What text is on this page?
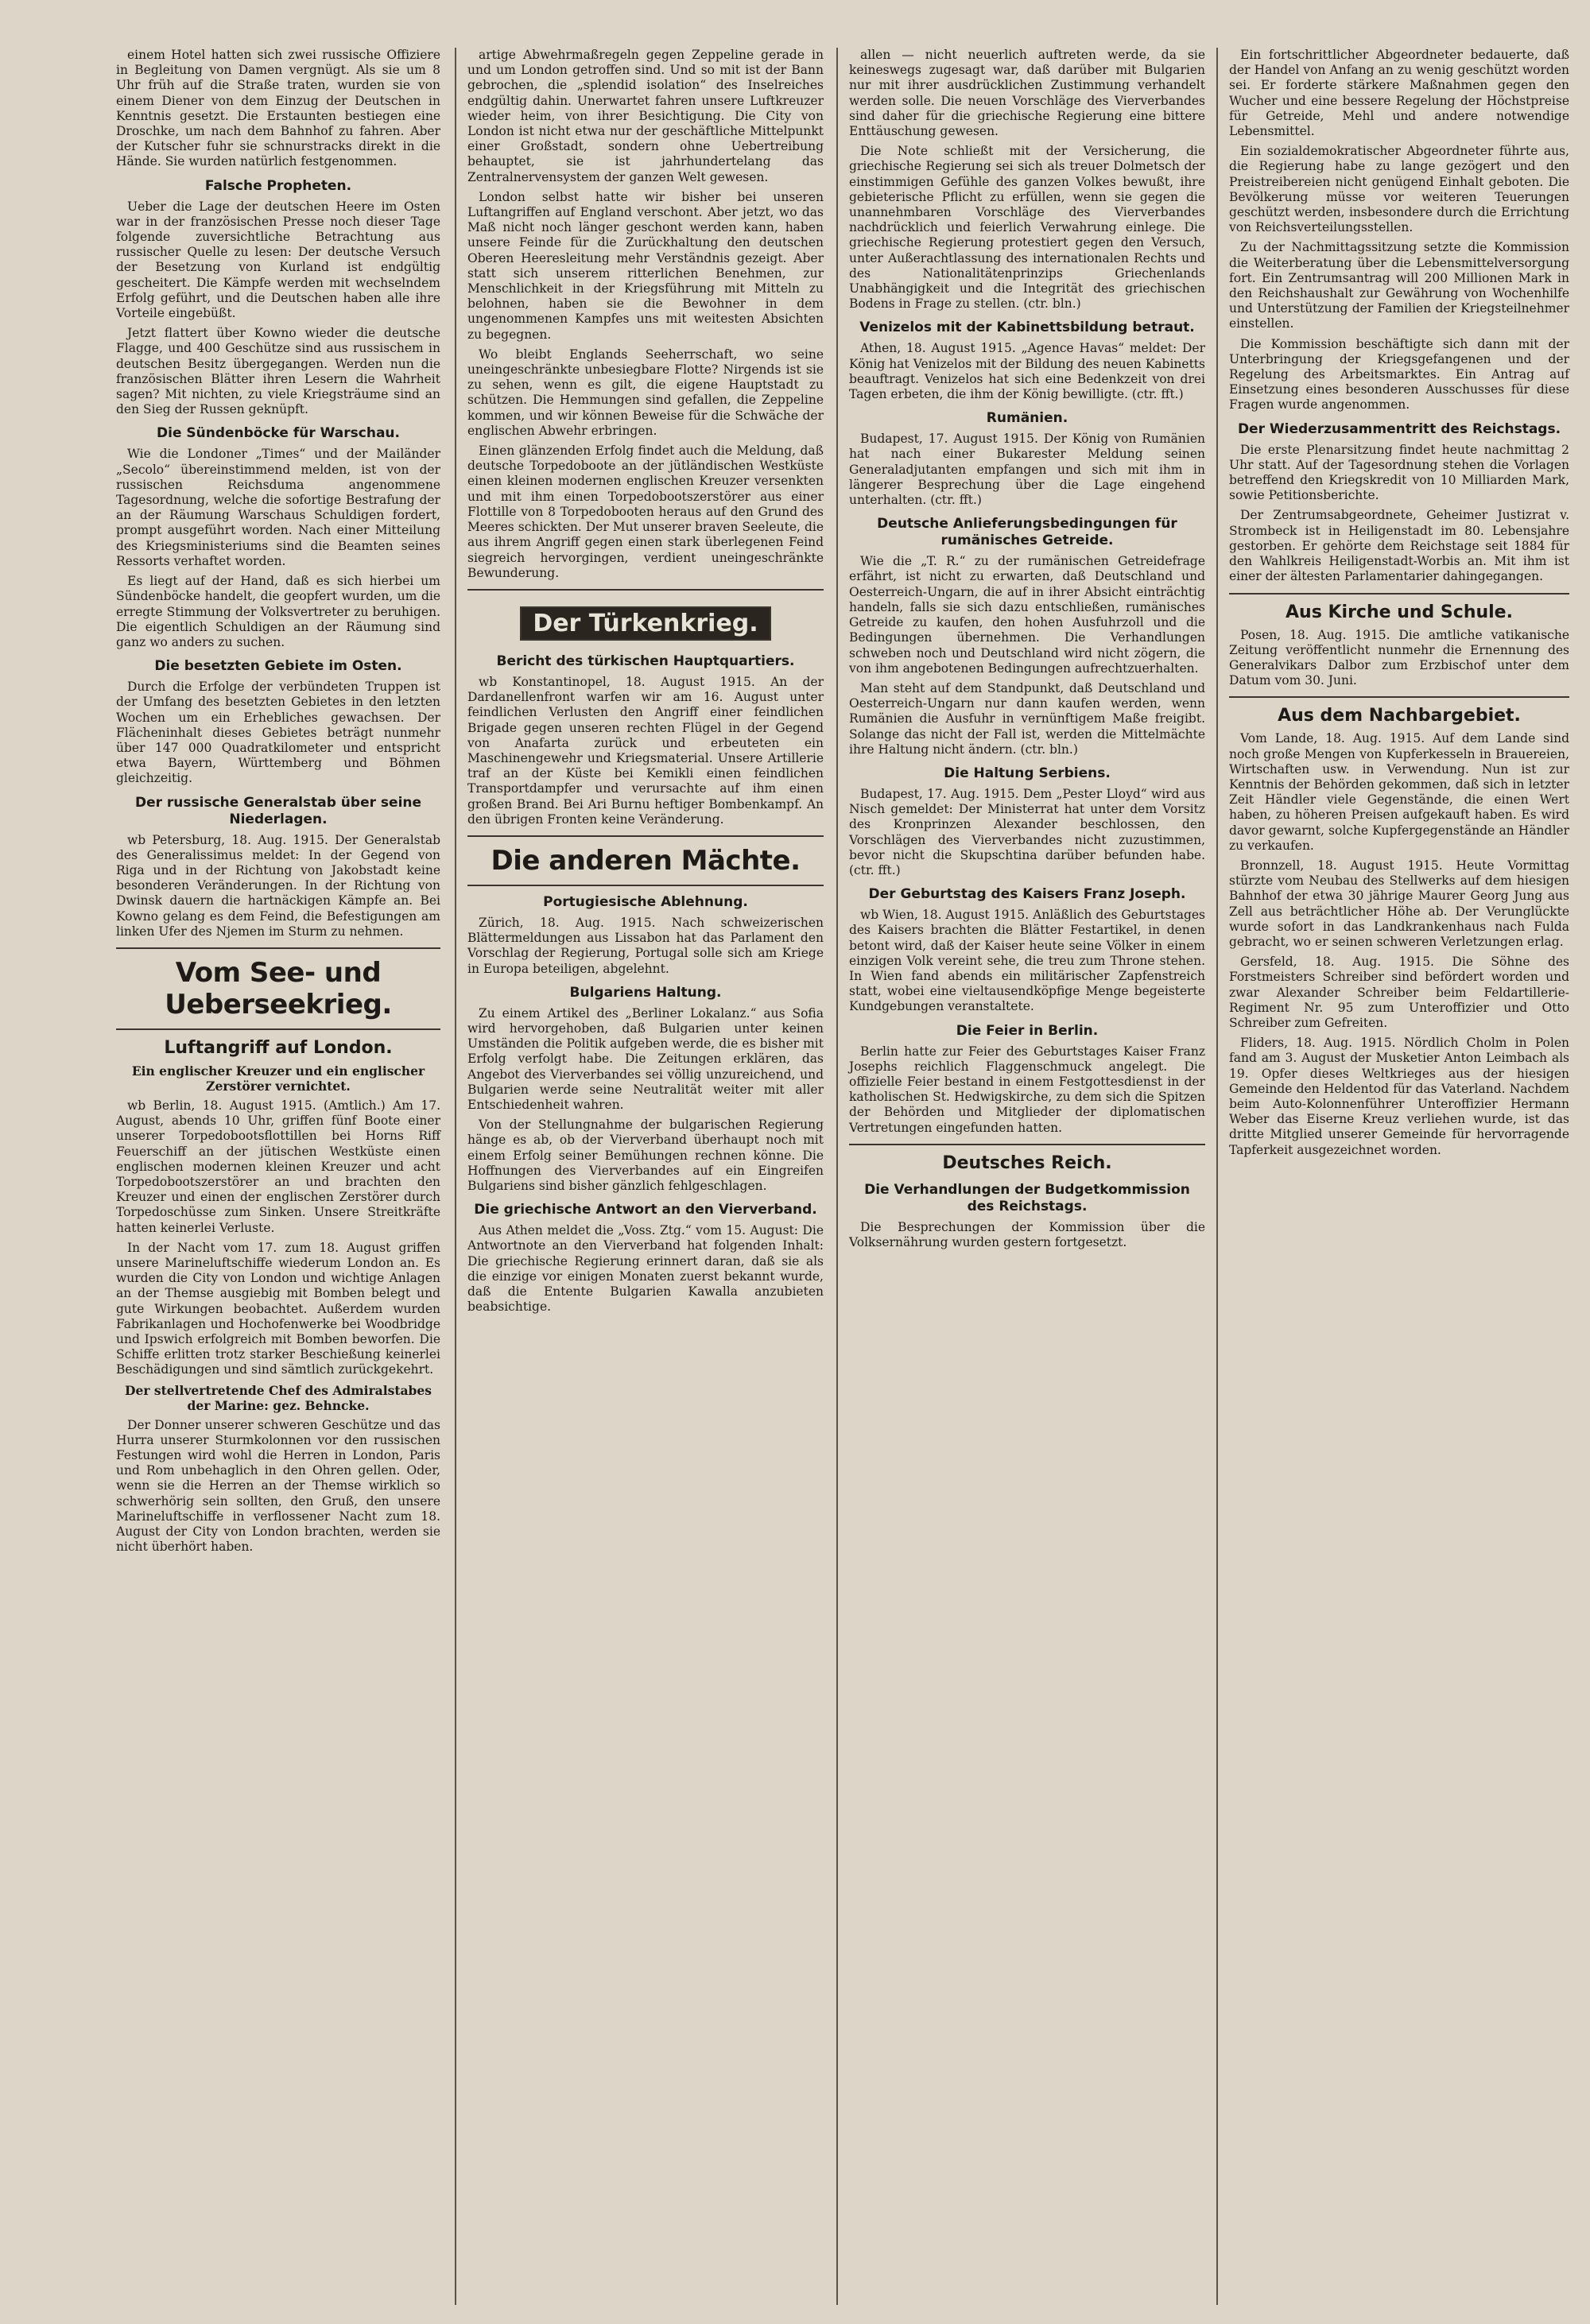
einem Hotel hatten sich zwei russische Offiziere in Begleitung von Damen vergnügt. Als sie um 8 Uhr früh auf die Straße traten, wurden sie von einem Diener von dem Einzug der Deutschen in Kenntnis gesetzt. Die Erstaunten bestiegen eine Droschke, um nach dem Bahnhof zu fahren. Aber der Kutscher fuhr sie schnurstracks direkt in die Hände. Sie wurden natürlich festgenommen.

Falsche Propheten.

Ueber die Lage der deutschen Heere im Osten war in der französischen Presse noch dieser Tage folgende zuversichtliche Betrachtung aus russischer Quelle zu lesen: Der deutsche Versuch der Besetzung von Kurland ist endgültig gescheitert. Die Kämpfe werden mit wechselndem Erfolg geführt, und die Deutschen haben alle ihre Vorteile eingebüßt.

Jetzt flattert über Kowno wieder die deutsche Flagge, und 400 Geschütze sind aus russischem in deutschen Besitz übergegangen. Werden nun die französischen Blätter ihren Lesern die Wahrheit sagen? Mit nichten, zu viele Kriegsträume sind an den Sieg der Russen geknüpft.

Die Sündenböcke für Warschau.

Wie die Londoner „Times“ und der Mailänder „Secolo“ übereinstimmend melden, ist von der russischen Reichsduma angenommene Tagesordnung, welche die sofortige Bestrafung der an der Räumung Warschaus Schuldigen fordert, prompt ausgeführt worden. Nach einer Mitteilung des Kriegsministeriums sind die Beamten seines Ressorts verhaftet worden.

Es liegt auf der Hand, daß es sich hierbei um Sündenböcke handelt, die geopfert wurden, um die erregte Stimmung der Volksvertreter zu beruhigen. Die eigentlich Schuldigen an der Räumung sind ganz wo anders zu suchen.

Die besetzten Gebiete im Osten.

Durch die Erfolge der verbündeten Truppen ist der Umfang des besetzten Gebietes in den letzten Wochen um ein Erhebliches gewachsen. Der Flächeninhalt dieses Gebietes beträgt nunmehr über 147 000 Quadratkilometer und entspricht etwa Bayern, Württemberg und Böhmen gleichzeitig.

Der russische Generalstab über seine Niederlagen.

wb Petersburg, 18. Aug. 1915. Der Generalstab des Generalissimus meldet: In der Gegend von Riga und in der Richtung von Jakobstadt keine besonderen Veränderungen. In der Richtung von Dwinsk dauern die hartnäckigen Kämpfe an. Bei Kowno gelang es dem Feind, die Befestigungen am linken Ufer des Njemen im Sturm zu nehmen.

Vom See- und Ueberseekrieg.
Luftangriff auf London.
Ein englischer Kreuzer und ein englischer Zerstörer vernichtet.

wb Berlin, 18. August 1915. (Amtlich.) Am 17. August, abends 10 Uhr, griffen fünf Boote einer unserer Torpedobootsflottillen bei Horns Riff Feuerschiff an der jütischen Westküste einen englischen modernen kleinen Kreuzer und acht Torpedobootszerstörer an und brachten den Kreuzer und einen der englischen Zerstörer durch Torpedoschüsse zum Sinken. Unsere Streitkräfte hatten keinerlei Verluste.

In der Nacht vom 17. zum 18. August griffen unsere Marineluftschiffe wiederum London an. Es wurden die City von London und wichtige Anlagen an der Themse ausgiebig mit Bomben belegt und gute Wirkungen beobachtet. Außerdem wurden Fabrikanlagen und Hochofenwerke bei Woodbridge und Ipswich erfolgreich mit Bomben beworfen. Die Schiffe erlitten trotz starker Beschießung keinerlei Beschädigungen und sind sämtlich zurückgekehrt.

Der stellvertretende Chef des Admiralstabes der Marine: gez. Behncke.

Der Donner unserer schweren Geschütze und das Hurra unserer Sturmkolonnen vor den russischen Festungen wird wohl die Herren in London, Paris und Rom unbehaglich in den Ohren gellen. Oder, wenn sie die Herren an der Themse wirklich so schwerhörig sein sollten, den Gruß, den unsere Marineluftschiffe in verflossener Nacht zum 18. August der City von London brachten, werden sie nicht überhört haben.

artige Abwehrmaßregeln gegen Zeppeline gerade in und um London getroffen sind. Und so mit ist der Bann gebrochen, die „splendid isolation“ des Inselreiches endgültig dahin. Unerwartet fahren unsere Luftkreuzer wieder heim, von ihrer Besichtigung. Die City von London ist nicht etwa nur der geschäftliche Mittelpunkt einer Großstadt, sondern ohne Uebertreibung behauptet, sie ist jahrhundertelang das Zentralnervensystem der ganzen Welt gewesen.

London selbst hatte wir bisher bei unseren Luftangriffen auf England verschont. Aber jetzt, wo das Maß nicht noch länger geschont werden kann, haben unsere Feinde für die Zurückhaltung den deutschen Oberen Heeresleitung mehr Verständnis gezeigt. Aber statt sich unserem ritterlichen Benehmen, zur Menschlichkeit in der Kriegsführung mit Mitteln zu belohnen, haben sie die Bewohner in dem ungenommenen Kampfes uns mit weitesten Absichten zu begegnen.

Wo bleibt Englands Seeherrschaft, wo seine uneingeschränkte unbesiegbare Flotte? Nirgends ist sie zu sehen, wenn es gilt, die eigene Hauptstadt zu schützen. Die Hemmungen sind gefallen, die Zeppeline kommen, und wir können Beweise für die Schwäche der englischen Abwehr erbringen.

Einen glänzenden Erfolg findet auch die Meldung, daß deutsche Torpedoboote an der jütländischen Westküste einen kleinen modernen englischen Kreuzer versenkten und mit ihm einen Torpedobootszerstörer aus einer Flottille von 8 Torpedobooten heraus auf den Grund des Meeres schickten. Der Mut unserer braven Seeleute, die aus ihrem Angriff gegen einen stark überlegenen Feind siegreich hervorgingen, verdient uneingeschränkte Bewunderung.

Der Türkenkrieg.
Bericht des türkischen Hauptquartiers.

wb Konstantinopel, 18. August 1915. An der Dardanellenfront warfen wir am 16. August unter feindlichen Verlusten den Angriff einer feindlichen Brigade gegen unseren rechten Flügel in der Gegend von Anafarta zurück und erbeuteten ein Maschinengewehr und Kriegsmaterial. Unsere Artillerie traf an der Küste bei Kemikli einen feindlichen Transportdampfer und verursachte auf ihm einen großen Brand. Bei Ari Burnu heftiger Bombenkampf. An den übrigen Fronten keine Veränderung.

Die anderen Mächte.
Portugiesische Ablehnung.

Zürich, 18. Aug. 1915. Nach schweizerischen Blättermeldungen aus Lissabon hat das Parlament den Vorschlag der Regierung, Portugal solle sich am Kriege in Europa beteiligen, abgelehnt.

Bulgariens Haltung.

Zu einem Artikel des „Berliner Lokalanz.“ aus Sofia wird hervorgehoben, daß Bulgarien unter keinen Umständen die Politik aufgeben werde, die es bisher mit Erfolg verfolgt habe. Die Zeitungen erklären, das Angebot des Vierverbandes sei völlig unzureichend, und Bulgarien werde seine Neutralität weiter mit aller Entschiedenheit wahren.

Von der Stellungnahme der bulgarischen Regierung hänge es ab, ob der Vierverband überhaupt noch mit einem Erfolg seiner Bemühungen rechnen könne. Die Hoffnungen des Vierverbandes auf ein Eingreifen Bulgariens sind bisher gänzlich fehlgeschlagen.

Die griechische Antwort an den Vierverband.

Aus Athen meldet die „Voss. Ztg.“ vom 15. August: Die Antwortnote an den Vierverband hat folgenden Inhalt: Die griechische Regierung erinnert daran, daß sie als die einzige vor einigen Monaten zuerst bekannt wurde, daß die Entente Bulgarien Kawalla anzubieten beabsichtige.

allen — nicht neuerlich auftreten werde, da sie keineswegs zugesagt war, daß darüber mit Bulgarien nur mit ihrer ausdrücklichen Zustimmung verhandelt werden solle. Die neuen Vorschläge des Vierverbandes sind daher für die griechische Regierung eine bittere Enttäuschung gewesen.

Die Note schließt mit der Versicherung, die griechische Regierung sei sich als treuer Dolmetsch der einstimmigen Gefühle des ganzen Volkes bewußt, ihre gebieterische Pflicht zu erfüllen, wenn sie gegen die unannehmbaren Vorschläge des Vierverbandes nachdrücklich und feierlich Verwahrung einlege. Die griechische Regierung protestiert gegen den Versuch, unter Außerachtlassung des internationalen Rechts und des Nationalitätenprinzips Griechenlands Unabhängigkeit und die Integrität des griechischen Bodens in Frage zu stellen. (ctr. bln.)

Venizelos mit der Kabinettsbildung betraut.

Athen, 18. August 1915. „Agence Havas“ meldet: Der König hat Venizelos mit der Bildung des neuen Kabinetts beauftragt. Venizelos hat sich eine Bedenkzeit von drei Tagen erbeten, die ihm der König bewilligte. (ctr. fft.)

Rumänien.

Budapest, 17. August 1915. Der König von Rumänien hat nach einer Bukarester Meldung seinen Generaladjutanten empfangen und sich mit ihm in längerer Besprechung über die Lage eingehend unterhalten. (ctr. fft.)

Deutsche Anlieferungsbedingungen für rumänisches Getreide.

Wie die „T. R.“ zu der rumänischen Getreidefrage erfährt, ist nicht zu erwarten, daß Deutschland und Oesterreich-Ungarn, die auf in ihrer Absicht einträchtig handeln, falls sie sich dazu entschließen, rumänisches Getreide zu kaufen, den hohen Ausfuhrzoll und die Bedingungen übernehmen. Die Verhandlungen schweben noch und Deutschland wird nicht zögern, die von ihm angebotenen Bedingungen aufrechtzuerhalten.

Man steht auf dem Standpunkt, daß Deutschland und Oesterreich-Ungarn nur dann kaufen werden, wenn Rumänien die Ausfuhr in vernünftigem Maße freigibt. Solange das nicht der Fall ist, werden die Mittelmächte ihre Haltung nicht ändern. (ctr. bln.)

Die Haltung Serbiens.

Budapest, 17. Aug. 1915. Dem „Pester Lloyd“ wird aus Nisch gemeldet: Der Ministerrat hat unter dem Vorsitz des Kronprinzen Alexander beschlossen, den Vorschlägen des Vierverbandes nicht zuzustimmen, bevor nicht die Skupschtina darüber befunden habe. (ctr. fft.)

Der Geburtstag des Kaisers Franz Joseph.

wb Wien, 18. August 1915. Anläßlich des Geburtstages des Kaisers brachten die Blätter Festartikel, in denen betont wird, daß der Kaiser heute seine Völker in einem einzigen Volk vereint sehe, die treu zum Throne stehen. In Wien fand abends ein militärischer Zapfenstreich statt, wobei eine vieltausendköpfige Menge begeisterte Kundgebungen veranstaltete.

Die Feier in Berlin.

Berlin hatte zur Feier des Geburtstages Kaiser Franz Josephs reichlich Flaggenschmuck angelegt. Die offizielle Feier bestand in einem Festgottesdienst in der katholischen St. Hedwigskirche, zu dem sich die Spitzen der Behörden und Mitglieder der diplomatischen Vertretungen eingefunden hatten.

Deutsches Reich.
Die Verhandlungen der Budgetkommission des Reichstags.

Die Besprechungen der Kommission über die Volksernährung wurden gestern fortgesetzt.

Ein fortschrittlicher Abgeordneter bedauerte, daß der Handel von Anfang an zu wenig geschützt worden sei. Er forderte stärkere Maßnahmen gegen den Wucher und eine bessere Regelung der Höchstpreise für Getreide, Mehl und andere notwendige Lebensmittel.

Ein sozialdemokratischer Abgeordneter führte aus, die Regierung habe zu lange gezögert und den Preistreibereien nicht genügend Einhalt geboten. Die Bevölkerung müsse vor weiteren Teuerungen geschützt werden, insbesondere durch die Errichtung von Reichsverteilungsstellen.

Zu der Nachmittagssitzung setzte die Kommission die Weiterberatung über die Lebensmittelversorgung fort. Ein Zentrumsantrag will 200 Millionen Mark in den Reichshaushalt zur Gewährung von Wochenhilfe und Unterstützung der Familien der Kriegsteilnehmer einstellen.

Die Kommission beschäftigte sich dann mit der Unterbringung der Kriegsgefangenen und der Regelung des Arbeitsmarktes. Ein Antrag auf Einsetzung eines besonderen Ausschusses für diese Fragen wurde angenommen.

Der Wiederzusammentritt des Reichstags.

Die erste Plenarsitzung findet heute nachmittag 2 Uhr statt. Auf der Tagesordnung stehen die Vorlagen betreffend den Kriegskredit von 10 Milliarden Mark, sowie Petitionsberichte.

Der Zentrumsabgeordnete, Geheimer Justizrat v. Strombeck ist in Heiligenstadt im 80. Lebensjahre gestorben. Er gehörte dem Reichstage seit 1884 für den Wahlkreis Heiligenstadt-Worbis an. Mit ihm ist einer der ältesten Parlamentarier dahingegangen.

Aus Kirche und Schule.

Posen, 18. Aug. 1915. Die amtliche vatikanische Zeitung veröffentlicht nunmehr die Ernennung des Generalvikars Dalbor zum Erzbischof unter dem Datum vom 30. Juni.

Aus dem Nachbargebiet.

Vom Lande, 18. Aug. 1915. Auf dem Lande sind noch große Mengen von Kupferkesseln in Brauereien, Wirtschaften usw. in Verwendung. Nun ist zur Kenntnis der Behörden gekommen, daß sich in letzter Zeit Händler viele Gegenstände, die einen Wert haben, zu höheren Preisen aufgekauft haben. Es wird davor gewarnt, solche Kupfergegenstände an Händler zu verkaufen.

Bronnzell, 18. August 1915. Heute Vormittag stürzte vom Neubau des Stellwerks auf dem hiesigen Bahnhof der etwa 30 jährige Maurer Georg Jung aus Zell aus beträchtlicher Höhe ab. Der Verunglückte wurde sofort in das Landkrankenhaus nach Fulda gebracht, wo er seinen schweren Verletzungen erlag.

Gersfeld, 18. Aug. 1915. Die Söhne des Forstmeisters Schreiber sind befördert worden und zwar Alexander Schreiber beim Feldartillerie-Regiment Nr. 95 zum Unteroffizier und Otto Schreiber zum Gefreiten.

Fliders, 18. Aug. 1915. Nördlich Cholm in Polen fand am 3. August der Musketier Anton Leimbach als 19. Opfer dieses Weltkrieges aus der hiesigen Gemeinde den Heldentod für das Vaterland. Nachdem beim Auto-Kolonnenführer Unteroffizier Hermann Weber das Eiserne Kreuz verliehen wurde, ist das dritte Mitglied unserer Gemeinde für hervorragende Tapferkeit ausgezeichnet worden.
